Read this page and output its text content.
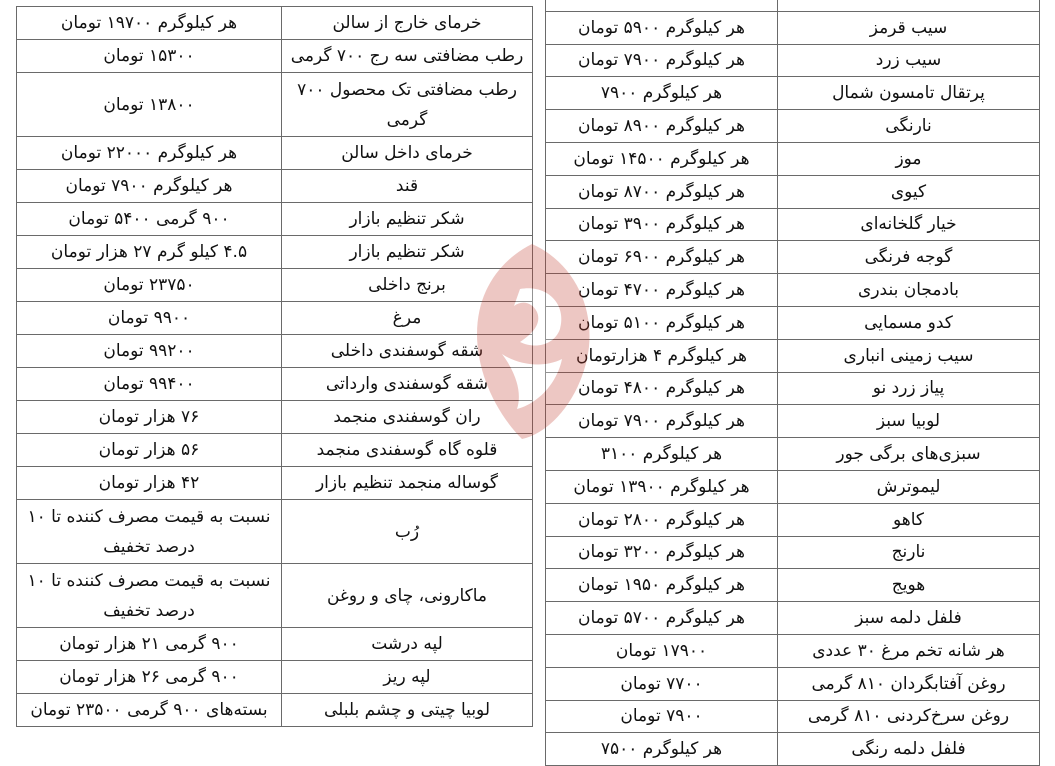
خرمای خارج از سالن	هر کیلوگرم ۱۹۷۰۰ تومان
رطب مضافتی سه رج ۷۰۰ گرمی	۱۵۳۰۰ تومان
رطب مضافتی تک محصول ۷۰۰ گرمی	۱۳۸۰۰ تومان
خرمای داخل سالن	هر کیلوگرم ۲۲۰۰۰ تومان
قند	هر کیلوگرم ۷۹۰۰ تومان
شکر تنظیم بازار	۹۰۰ گرمی ۵۴۰۰ تومان
شکر تنظیم بازار	۴.۵ کیلو گرم ۲۷ هزار تومان
برنج داخلی	۲۳۷۵۰ تومان
مرغ	۹۹۰۰ تومان
شقه گوسفندی داخلی	۹۹۲۰۰ تومان
شقه گوسفندی وارداتی	۹۹۴۰۰ تومان
ران گوسفندی منجمد	۷۶ هزار تومان
قلوه گاه گوسفندی منجمد	۵۶ هزار تومان
گوساله منجمد تنظیم بازار	۴۲ هزار تومان
رُب	نسبت به قیمت مصرف کننده تا ۱۰ درصد تخفیف
ماکارونی، چای و روغن	نسبت به قیمت مصرف کننده تا ۱۰ درصد تخفیف
لپه درشت	۹۰۰ گرمی ۲۱ هزار تومان
لپه ریز	۹۰۰ گرمی ۲۶ هزار تومان
لوبیا چیتی و چشم بلبلی	بسته‌های ۹۰۰ گرمی ۲۳۵۰۰ تومان

سیب قرمز	هر کیلوگرم ۵۹۰۰ تومان
سیب زرد	هر کیلوگرم ۷۹۰۰ تومان
پرتقال تامسون شمال	هر کیلوگرم ۷۹۰۰
نارنگی	هر کیلوگرم ۸۹۰۰ تومان
موز	هر کیلوگرم ۱۴۵۰۰ تومان
کیوی	هر کیلوگرم ۸۷۰۰ تومان
خیار گلخانه‌ای	هر کیلوگرم ۳۹۰۰ تومان
گوجه فرنگی	هر کیلوگرم ۶۹۰۰ تومان
بادمجان بندری	هر کیلوگرم ۴۷۰۰ تومان
کدو مسمایی	هر کیلوگرم ۵۱۰۰ تومان
سیب زمینی انباری	هر کیلوگرم ۴ هزارتومان
پیاز زرد نو	هر کیلوگرم ۴۸۰۰ تومان
لوبیا سبز	هر کیلوگرم ۷۹۰۰ تومان
سبزی‌های برگی جور	هر کیلوگرم ۳۱۰۰
لیموترش	هر کیلوگرم ۱۳۹۰۰ تومان
کاهو	هر کیلوگرم ۲۸۰۰ تومان
نارنج	هر کیلوگرم ۳۲۰۰ تومان
هویج	هر کیلوگرم ۱۹۵۰ تومان
فلفل دلمه سبز	هر کیلوگرم ۵۷۰۰ تومان
هر شانه تخم مرغ ۳۰ عددی	۱۷۹۰۰ تومان
روغن آفتابگردان ۸۱۰ گرمی	۷۷۰۰ تومان
روغن سرخ‌کردنی ۸۱۰ گرمی	۷۹۰۰ تومان
فلفل دلمه رنگی	هر کیلوگرم ۷۵۰۰
